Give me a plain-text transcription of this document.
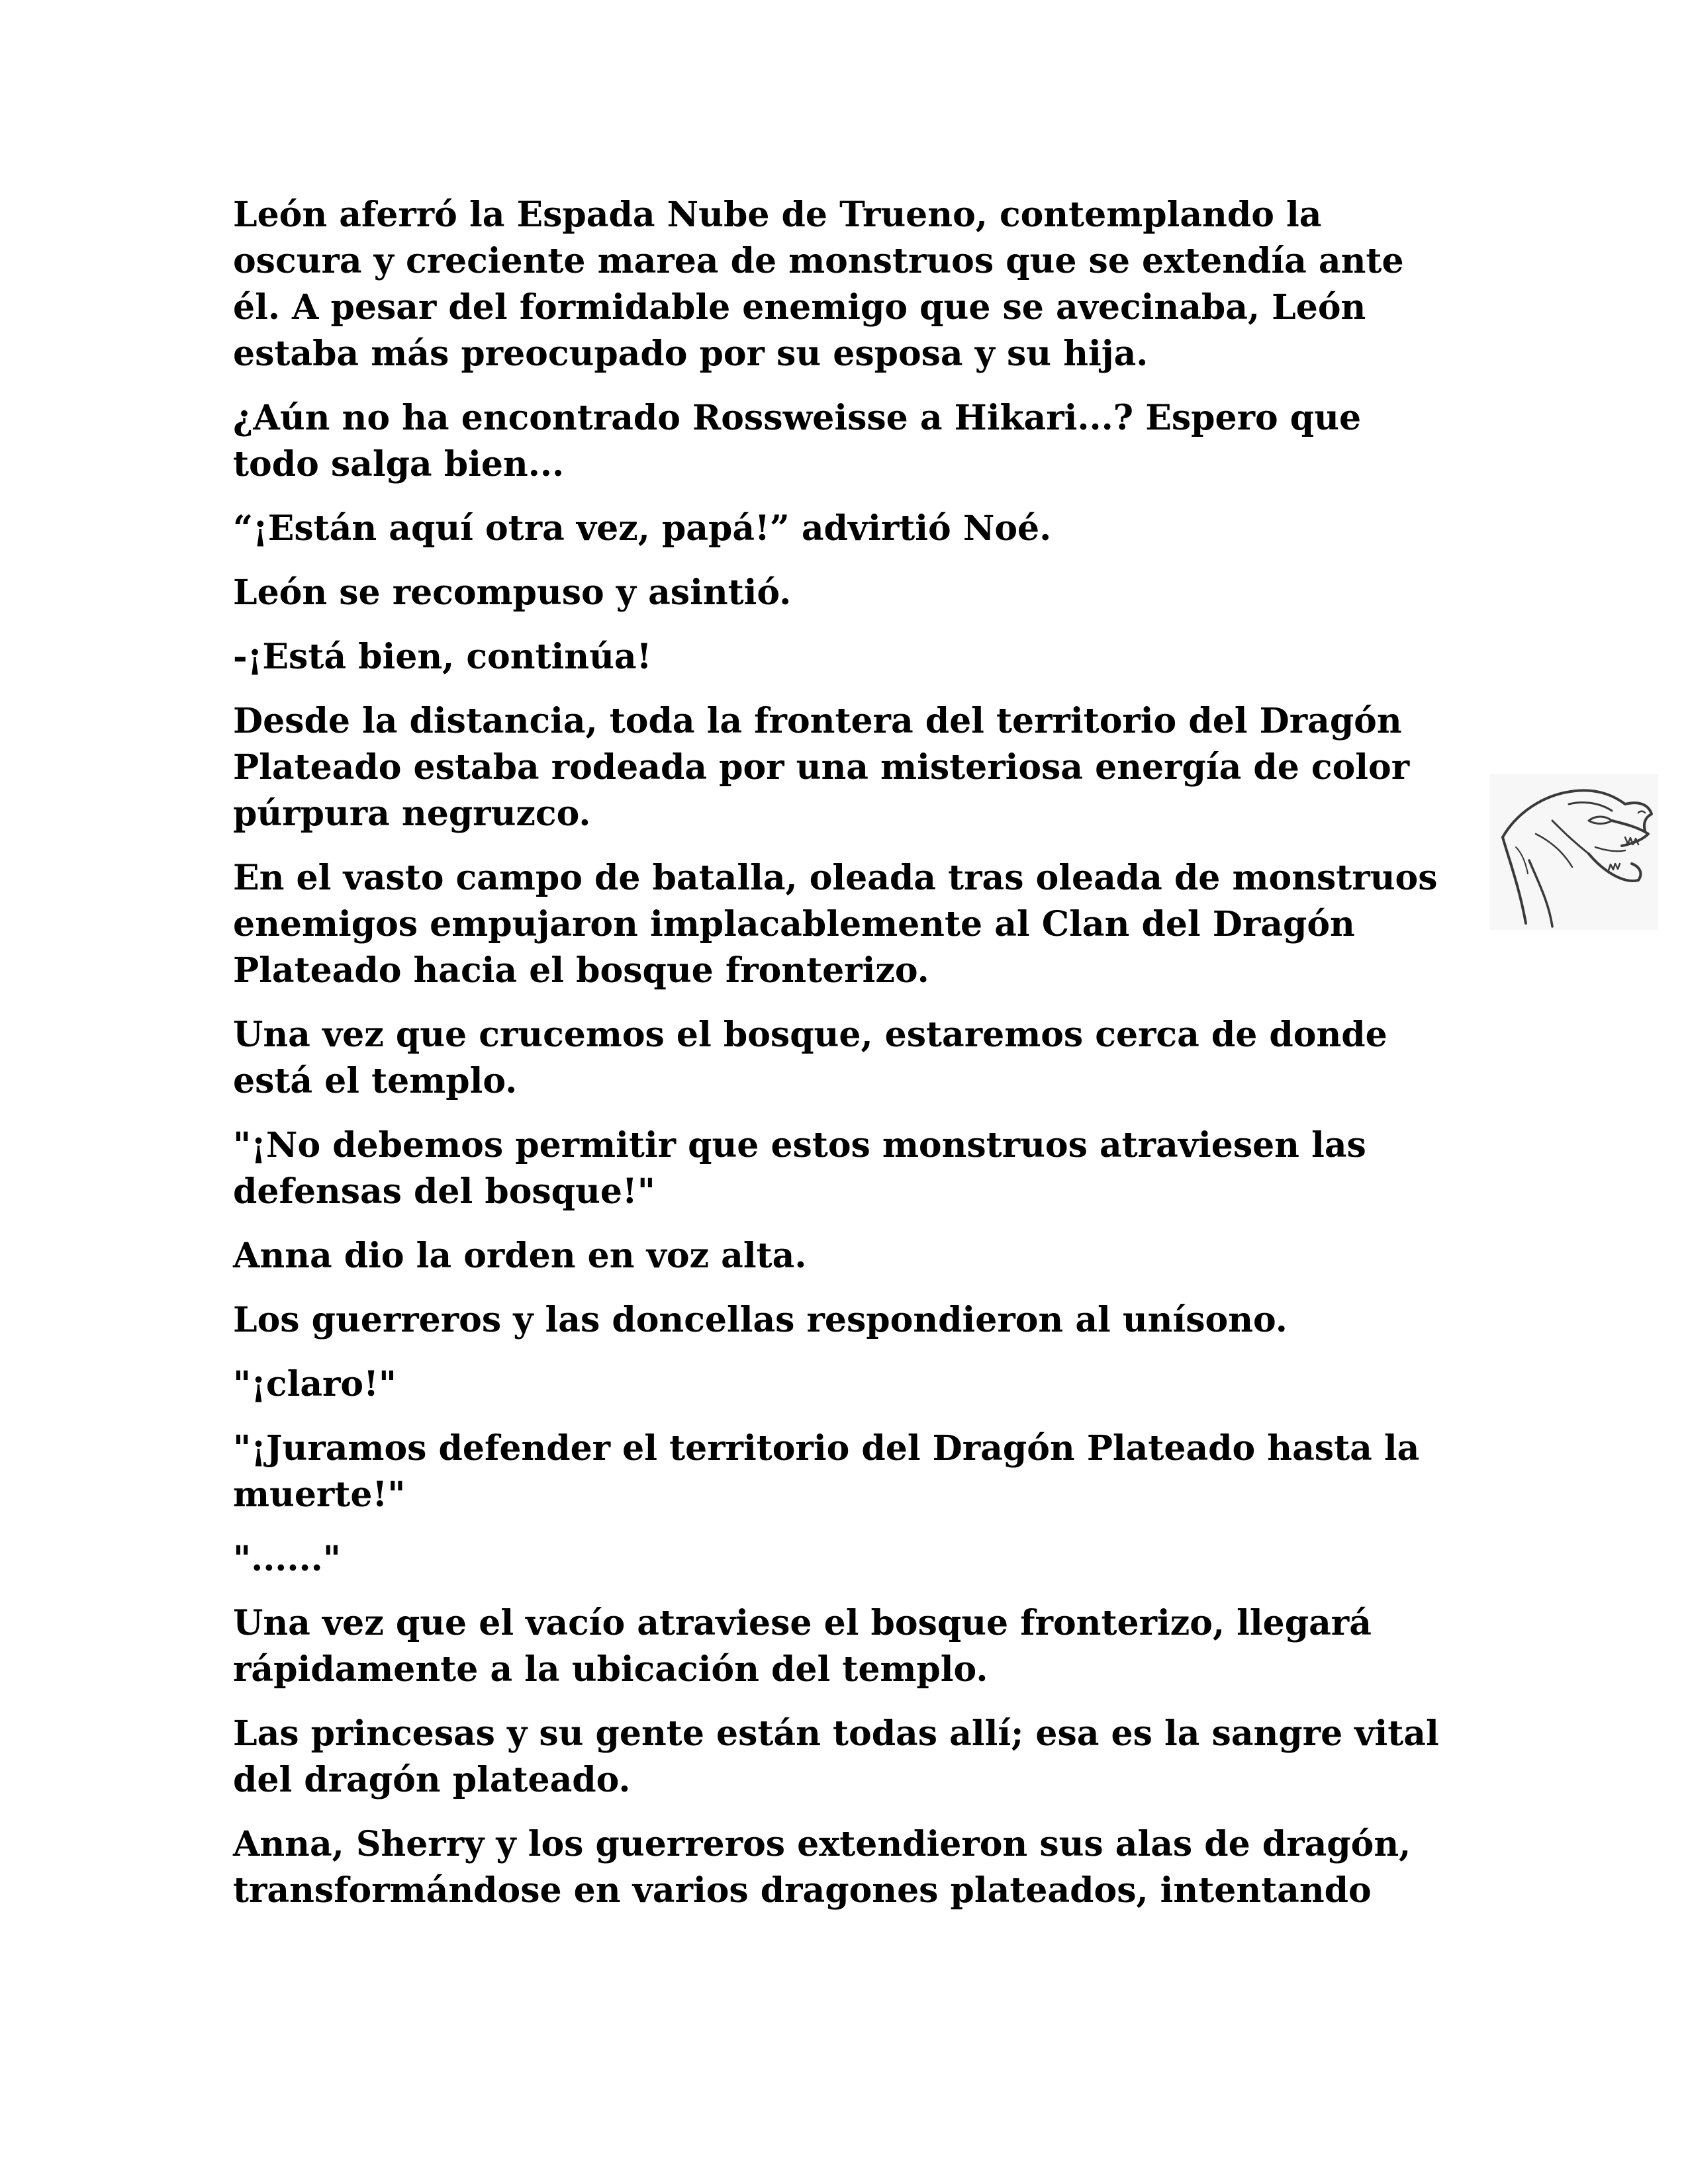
León aferró la Espada Nube de Trueno, contemplando la
oscura y creciente marea de monstruos que se extendía ante
él. A pesar del formidable enemigo que se avecinaba, León
estaba más preocupado por su esposa y su hija.

¿Aún no ha encontrado Rossweisse a Hikari...? Espero que
todo salga bien...

“¡Están aquí otra vez, papá!” advirtió Noé.

León se recompuso y asintió.

-¡Está bien, continúa!

Desde la distancia, toda la frontera del territorio del Dragón
Plateado estaba rodeada por una misteriosa energía de color
púrpura negruzco.

En el vasto campo de batalla, oleada tras oleada de monstruos
enemigos empujaron implacablemente al Clan del Dragón
Plateado hacia el bosque fronterizo.

Una vez que crucemos el bosque, estaremos cerca de donde
está el templo.

"¡No debemos permitir que estos monstruos atraviesen las
defensas del bosque!"

Anna dio la orden en voz alta.

Los guerreros y las doncellas respondieron al unísono.

"¡claro!"

"¡Juramos defender el territorio del Dragón Plateado hasta la
muerte!"

"......"

Una vez que el vacío atraviese el bosque fronterizo, llegará
rápidamente a la ubicación del templo.

Las princesas y su gente están todas allí; esa es la sangre vital
del dragón plateado.

Anna, Sherry y los guerreros extendieron sus alas de dragón,
transformándose en varios dragones plateados, intentando
